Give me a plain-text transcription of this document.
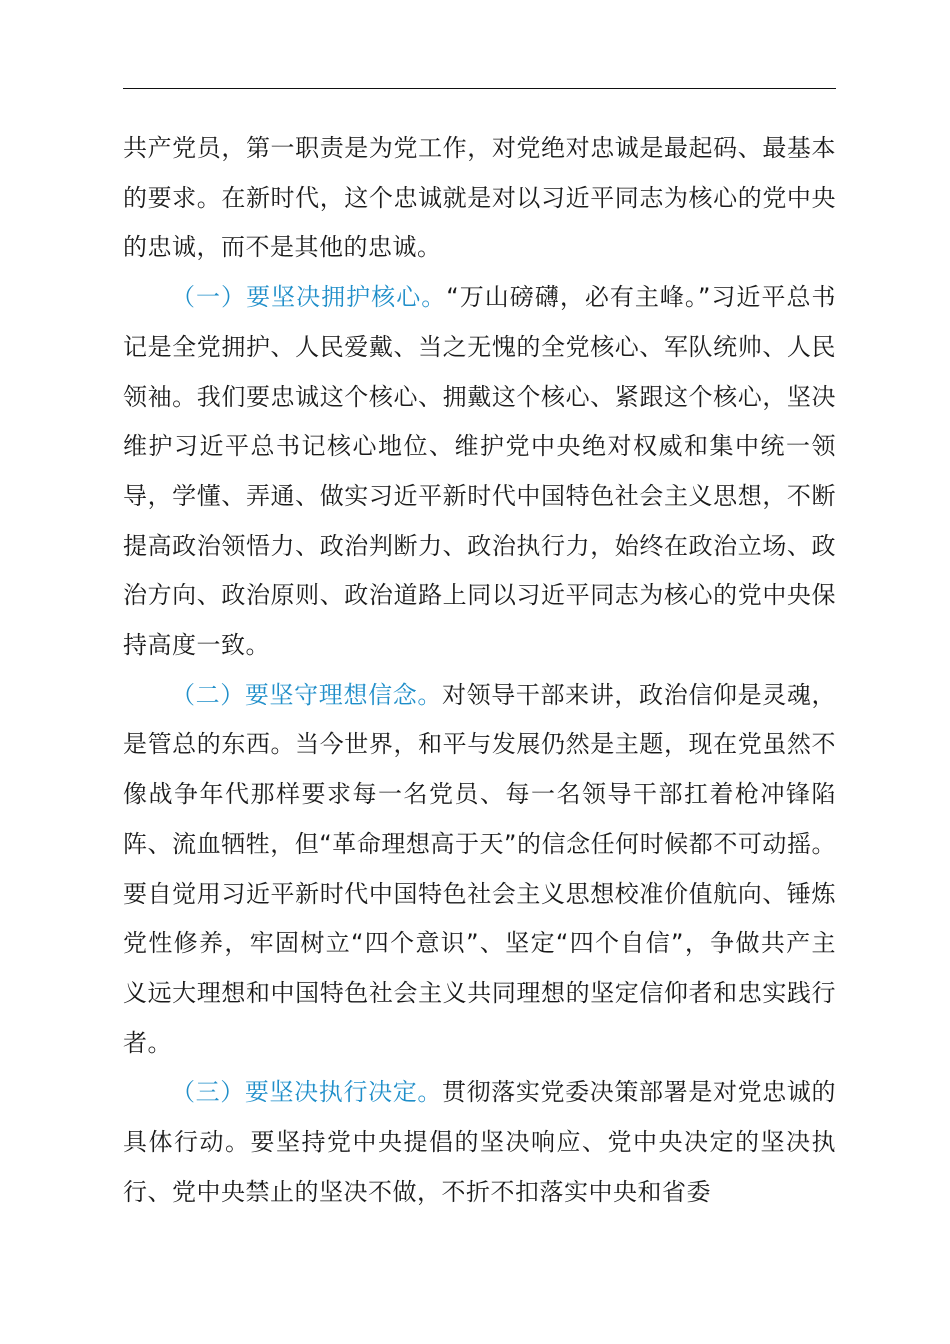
共产党员，第一职责是为党工作，对党绝对忠诚是最起码、最基本的要求。在新时代，这个忠诚就是对以习近平同志为核心的党中央的忠诚，而不是其他的忠诚。

（一）要坚决拥护核心。“万山磅礴，必有主峰。”习近平总书记是全党拥护、人民爱戴、当之无愧的全党核心、军队统帅、人民领袖。我们要忠诚这个核心、拥戴这个核心、紧跟这个核心，坚决维护习近平总书记核心地位、维护党中央绝对权威和集中统一领导，学懂、弄通、做实习近平新时代中国特色社会主义思想，不断提高政治领悟力、政治判断力、政治执行力，始终在政治立场、政治方向、政治原则、政治道路上同以习近平同志为核心的党中央保持高度一致。

（二）要坚守理想信念。对领导干部来讲，政治信仰是灵魂，是管总的东西。当今世界，和平与发展仍然是主题，现在党虽然不像战争年代那样要求每一名党员、每一名领导干部扛着枪冲锋陷阵、流血牺牲，但“革命理想高于天”的信念任何时候都不可动摇。要自觉用习近平新时代中国特色社会主义思想校准价值航向、锤炼党性修养，牢固树立“四个意识”、坚定“四个自信”，争做共产主义远大理想和中国特色社会主义共同理想的坚定信仰者和忠实践行者。

（三）要坚决执行决定。贯彻落实党委决策部署是对党忠诚的具体行动。要坚持党中央提倡的坚决响应、党中央决定的坚决执行、党中央禁止的坚决不做，不折不扣落实中央和省委
